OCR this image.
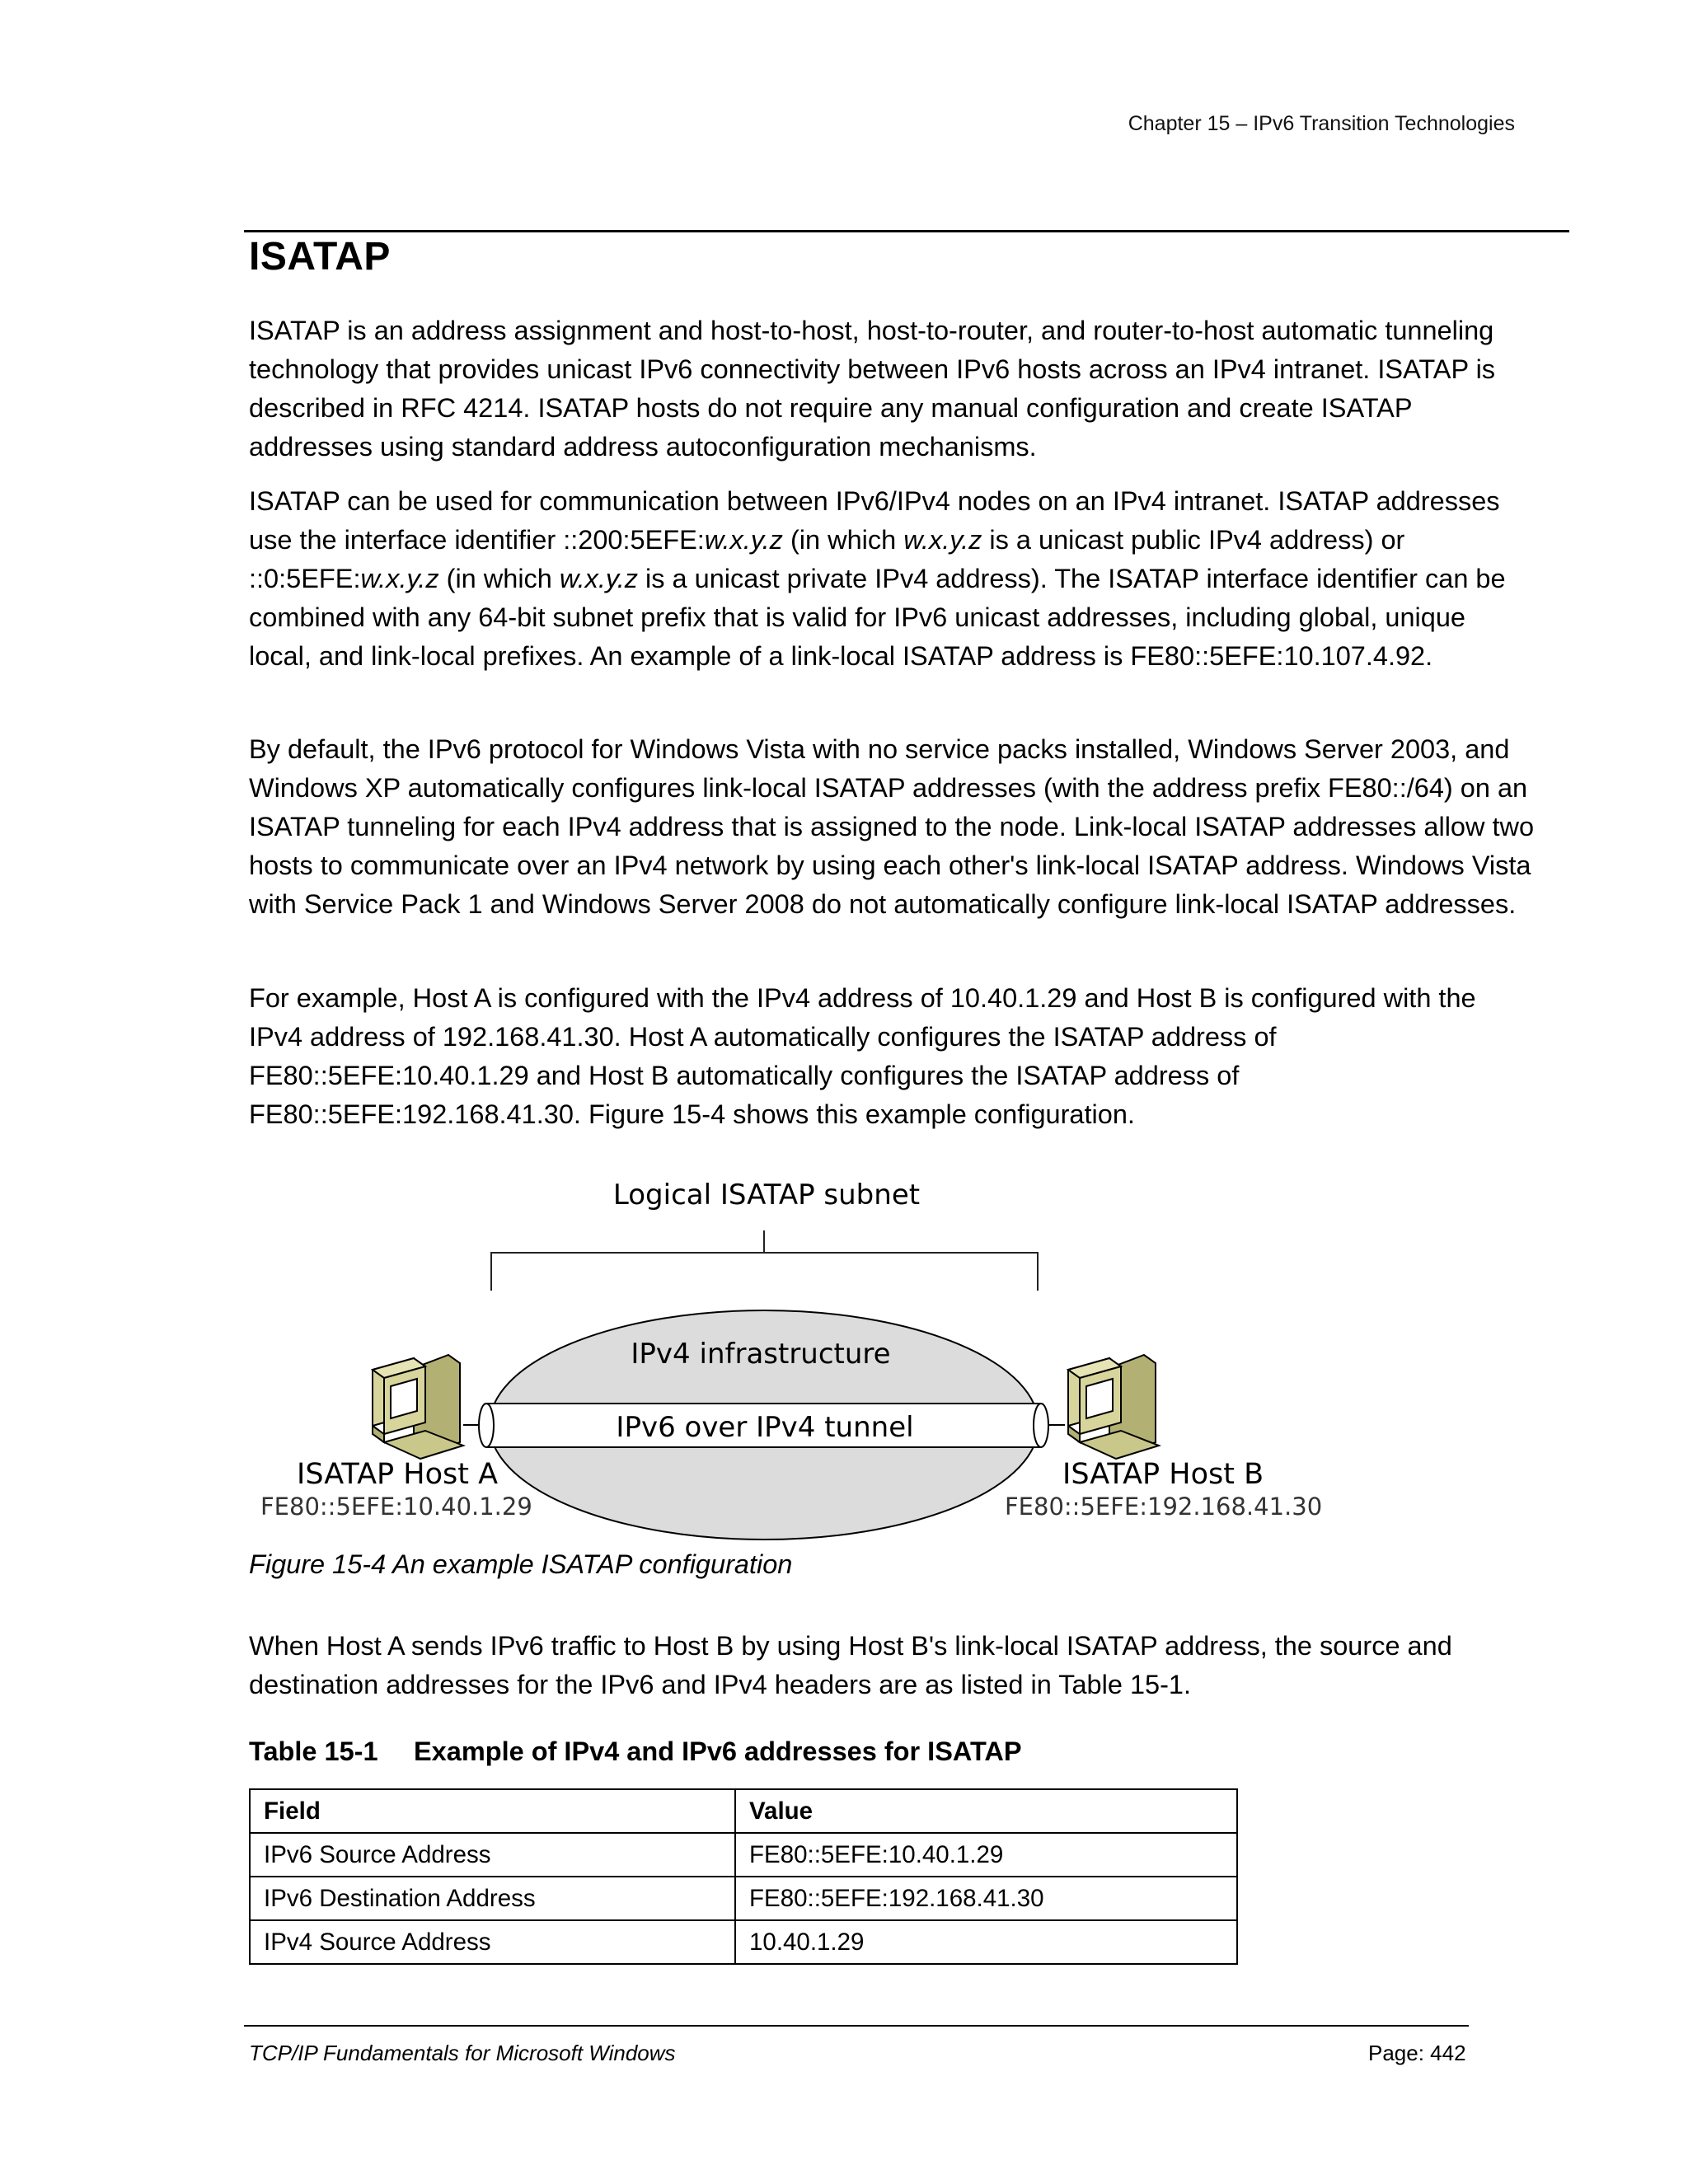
Chapter 15 – IPv6 Transition Technologies
ISATAP

ISATAP is an address assignment and host-to-host, host-to-router, and router-to-host automatic tunneling technology that provides unicast IPv6 connectivity between IPv6 hosts across an IPv4 intranet. ISATAP is described in RFC 4214. ISATAP hosts do not require any manual configuration and create ISATAP addresses using standard address autoconfiguration mechanisms.

ISATAP can be used for communication between IPv6/IPv4 nodes on an IPv4 intranet. ISATAP addresses use the interface identifier ::200:5EFE:w.x.y.z (in which w.x.y.z is a unicast public IPv4 address) or ::0:5EFE:w.x.y.z (in which w.x.y.z is a unicast private IPv4 address). The ISATAP interface identifier can be combined with any 64-bit subnet prefix that is valid for IPv6 unicast addresses, including global, unique local, and link-local prefixes. An example of a link-local ISATAP address is FE80::5EFE:10.107.4.92.

By default, the IPv6 protocol for Windows Vista with no service packs installed, Windows Server 2003, and Windows XP automatically configures link-local ISATAP addresses (with the address prefix FE80::/64) on an ISATAP tunneling for each IPv4 address that is assigned to the node. Link-local ISATAP addresses allow two hosts to communicate over an IPv4 network by using each other's link-local ISATAP address. Windows Vista with Service Pack 1 and Windows Server 2008 do not automatically configure link-local ISATAP addresses.

For example, Host A is configured with the IPv4 address of 10.40.1.29 and Host B is configured with the IPv4 address of 192.168.41.30. Host A automatically configures the ISATAP address of FE80::5EFE:10.40.1.29 and Host B automatically configures the ISATAP address of FE80::5EFE:192.168.41.30. Figure 15-4 shows this example configuration.

Logical ISATAP subnet
IPv4 infrastructure
IPv6 over IPv4 tunnel
ISATAP Host A
FE80::5EFE:10.40.1.29
ISATAP Host B
FE80::5EFE:192.168.41.30
Figure 15-4 An example ISATAP configuration

When Host A sends IPv6 traffic to Host B by using Host B's link-local ISATAP address, the source and destination addresses for the IPv6 and IPv4 headers are as listed in Table 15-1.

Table 15-1 Example of IPv4 and IPv6 addresses for ISATAP
Field	Value
IPv6 Source Address	FE80::5EFE:10.40.1.29
IPv6 Destination Address	FE80::5EFE:192.168.41.30
IPv4 Source Address	10.40.1.29
TCP/IP Fundamentals for Microsoft Windows	Page: 442
